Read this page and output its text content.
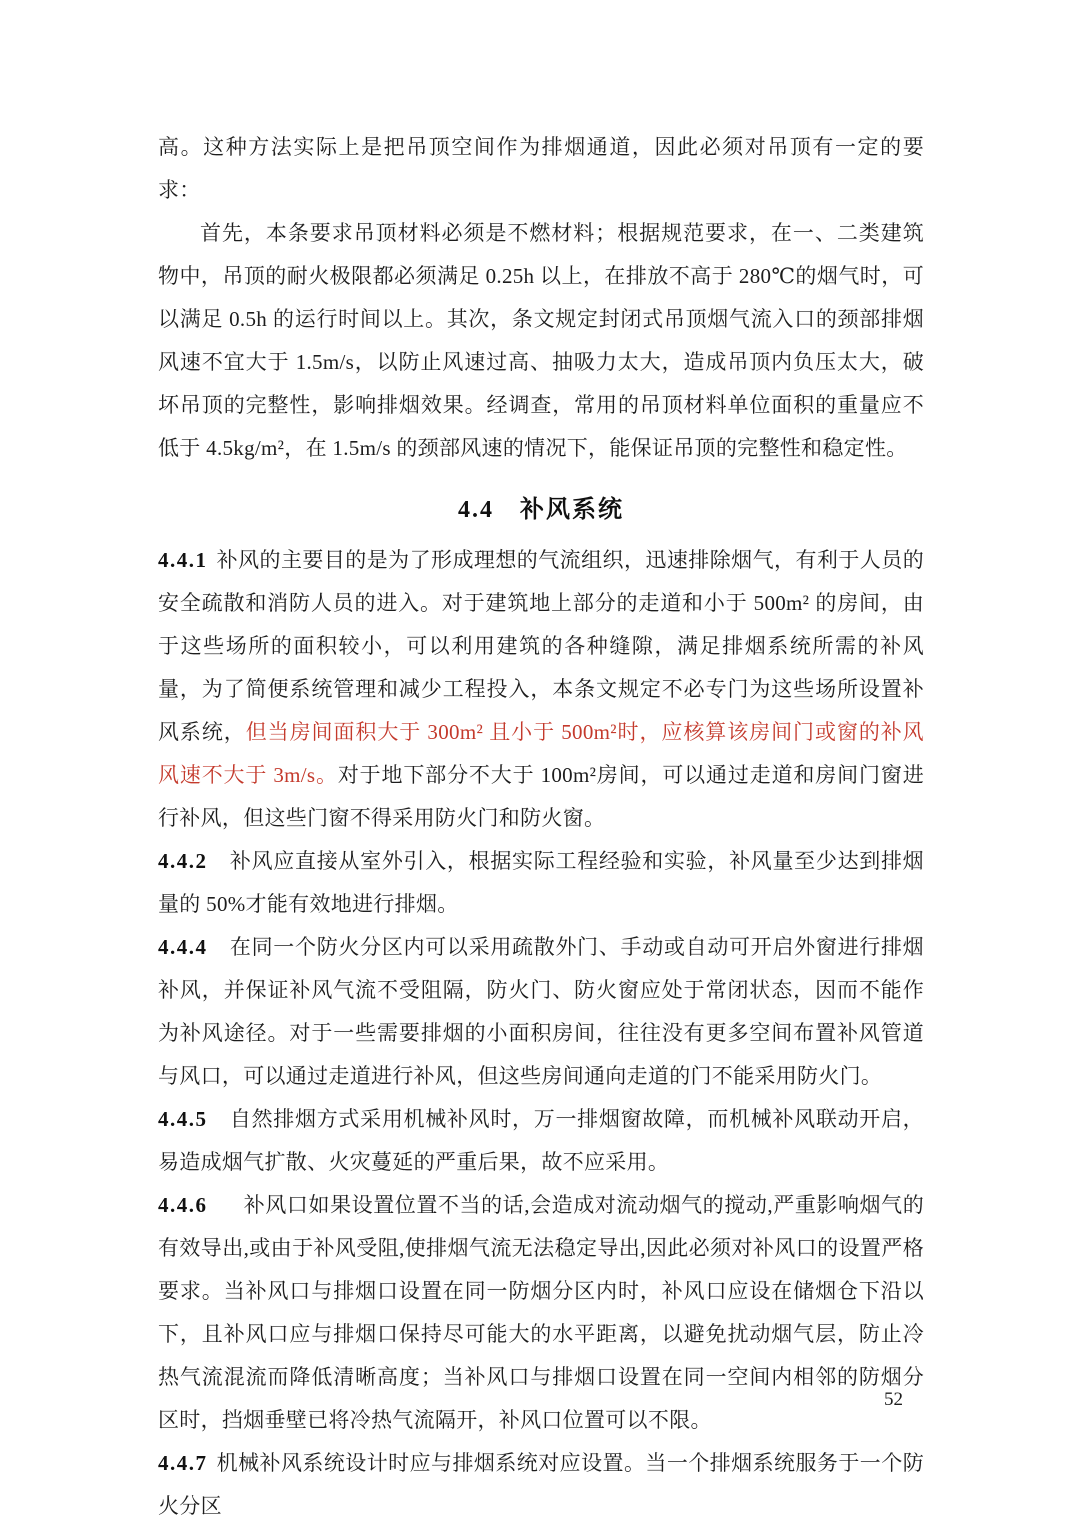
高。这种方法实际上是把吊顶空间作为排烟通道，因此必须对吊顶有一定的要求：

首先，本条要求吊顶材料必须是不燃材料；根据规范要求，在一、二类建筑物中，吊顶的耐火极限都必须满足 0.25h 以上，在排放不高于 280℃的烟气时，可以满足 0.5h 的运行时间以上。其次，条文规定封闭式吊顶烟气流入口的颈部排烟风速不宜大于 1.5m/s，以防止风速过高、抽吸力太大，造成吊顶内负压太大，破坏吊顶的完整性，影响排烟效果。经调查，常用的吊顶材料单位面积的重量应不低于 4.5kg/m²，在 1.5m/s 的颈部风速的情况下，能保证吊顶的完整性和稳定性。

4.4　补风系统

4.4.1 补风的主要目的是为了形成理想的气流组织，迅速排除烟气，有利于人员的安全疏散和消防人员的进入。对于建筑地上部分的走道和小于 500m² 的房间，由于这些场所的面积较小，可以利用建筑的各种缝隙，满足排烟系统所需的补风量，为了简便系统管理和减少工程投入，本条文规定不必专门为这些场所设置补风系统，但当房间面积大于 300m² 且小于 500m²时，应核算该房间门或窗的补风风速不大于 3m/s。对于地下部分不大于 100m²房间，可以通过走道和房间门窗进行补风，但这些门窗不得采用防火门和防火窗。

4.4.2 补风应直接从室外引入，根据实际工程经验和实验，补风量至少达到排烟量的 50%才能有效地进行排烟。

4.4.4 在同一个防火分区内可以采用疏散外门、手动或自动可开启外窗进行排烟补风，并保证补风气流不受阻隔，防火门、防火窗应处于常闭状态，因而不能作为补风途径。对于一些需要排烟的小面积房间，往往没有更多空间布置补风管道与风口，可以通过走道进行补风，但这些房间通向走道的门不能采用防火门。

4.4.5 自然排烟方式采用机械补风时，万一排烟窗故障，而机械补风联动开启，易造成烟气扩散、火灾蔓延的严重后果，故不应采用。

4.4.6 补风口如果设置位置不当的话,会造成对流动烟气的搅动,严重影响烟气的有效导出,或由于补风受阻,使排烟气流无法稳定导出,因此必须对补风口的设置严格要求。当补风口与排烟口设置在同一防烟分区内时，补风口应设在储烟仓下沿以下，且补风口应与排烟口保持尽可能大的水平距离，以避免扰动烟气层，防止冷热气流混流而降低清晰高度；当补风口与排烟口设置在同一空间内相邻的防烟分区时，挡烟垂壁已将冷热气流隔开，补风口位置可以不限。

4.4.7 机械补风系统设计时应与排烟系统对应设置。当一个排烟系统服务于一个防火分区

52
